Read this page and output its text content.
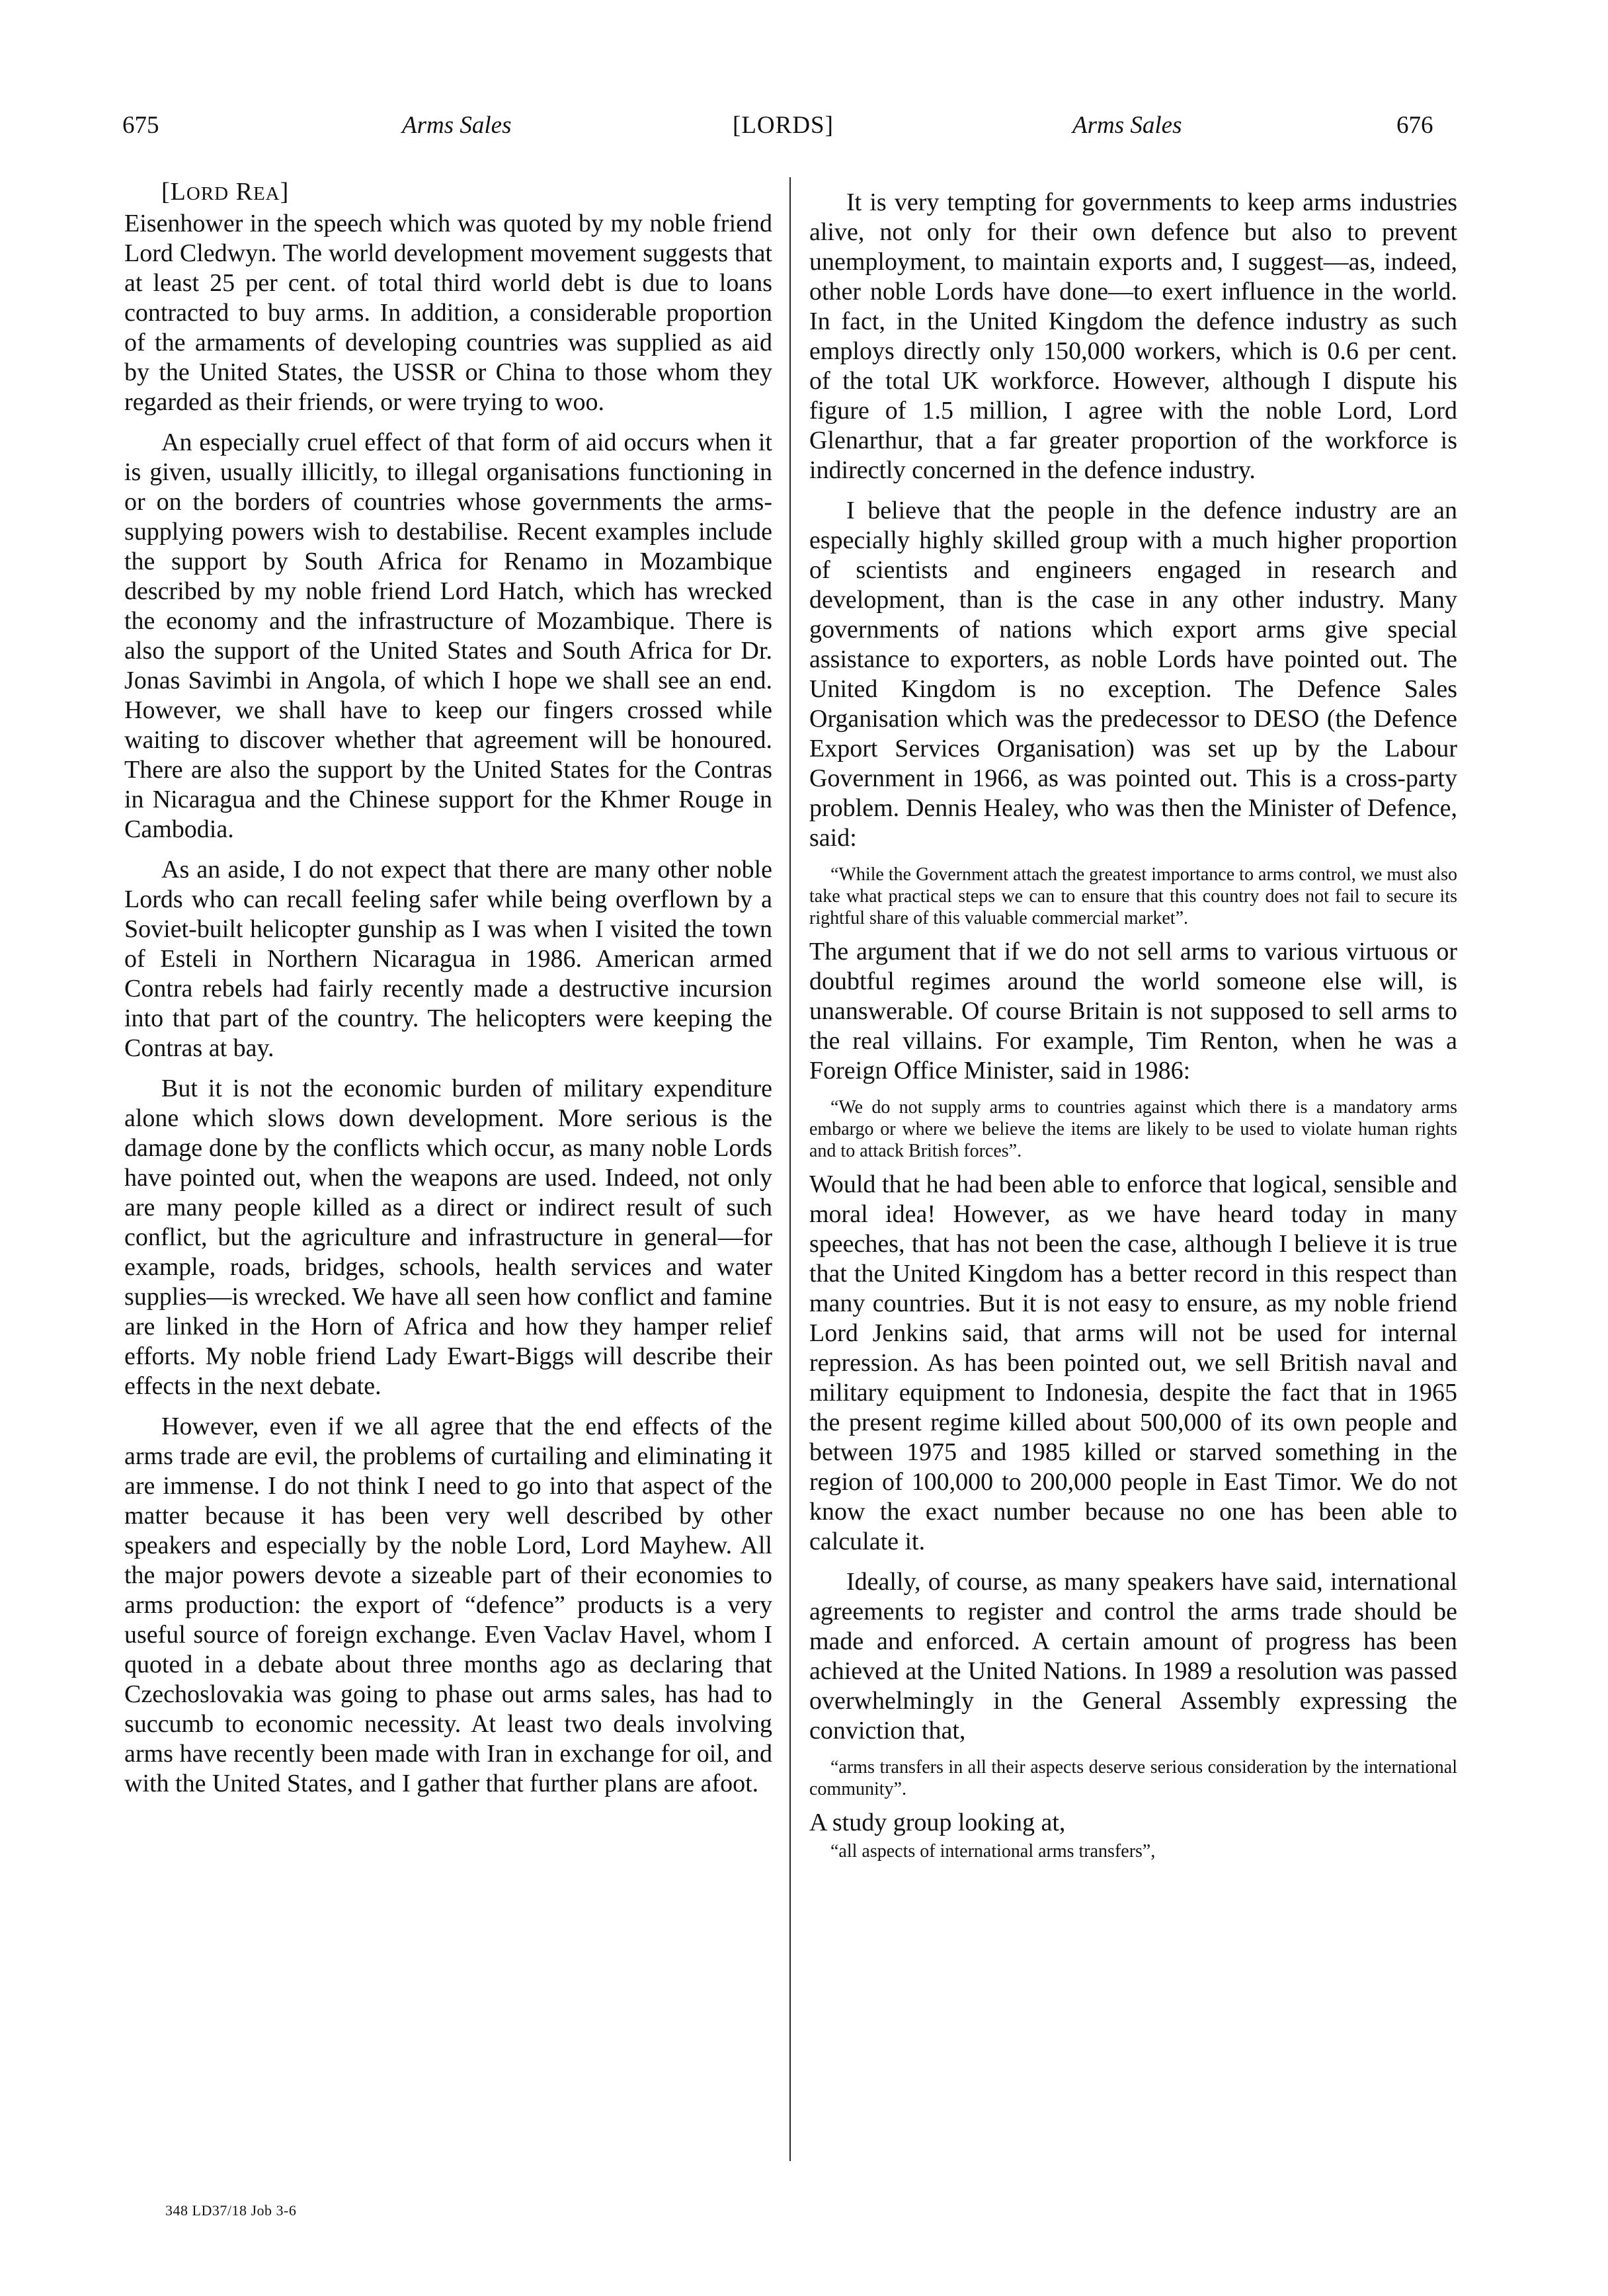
675	Arms Sales	[LORDS]	Arms Sales	676
[LORD REA]

Eisenhower in the speech which was quoted by my noble friend Lord Cledwyn. The world development movement suggests that at least 25 per cent. of total third world debt is due to loans contracted to buy arms. In addition, a considerable proportion of the armaments of developing countries was supplied as aid by the United States, the USSR or China to those whom they regarded as their friends, or were trying to woo.

An especially cruel effect of that form of aid occurs when it is given, usually illicitly, to illegal organisations functioning in or on the borders of countries whose governments the arms-supplying powers wish to destabilise. Recent examples include the support by South Africa for Renamo in Mozambique described by my noble friend Lord Hatch, which has wrecked the economy and the infrastructure of Mozambique. There is also the support of the United States and South Africa for Dr. Jonas Savimbi in Angola, of which I hope we shall see an end. However, we shall have to keep our fingers crossed while waiting to discover whether that agreement will be honoured. There are also the support by the United States for the Contras in Nicaragua and the Chinese support for the Khmer Rouge in Cambodia.

As an aside, I do not expect that there are many other noble Lords who can recall feeling safer while being overflown by a Soviet-built helicopter gunship as I was when I visited the town of Esteli in Northern Nicaragua in 1986. American armed Contra rebels had fairly recently made a destructive incursion into that part of the country. The helicopters were keeping the Contras at bay.

But it is not the economic burden of military expenditure alone which slows down development. More serious is the damage done by the conflicts which occur, as many noble Lords have pointed out, when the weapons are used. Indeed, not only are many people killed as a direct or indirect result of such conflict, but the agriculture and infrastructure in general—for example, roads, bridges, schools, health services and water supplies—is wrecked. We have all seen how conflict and famine are linked in the Horn of Africa and how they hamper relief efforts. My noble friend Lady Ewart-Biggs will describe their effects in the next debate.

However, even if we all agree that the end effects of the arms trade are evil, the problems of curtailing and eliminating it are immense. I do not think I need to go into that aspect of the matter because it has been very well described by other speakers and especially by the noble Lord, Lord Mayhew. All the major powers devote a sizeable part of their economies to arms production: the export of “defence” products is a very useful source of foreign exchange. Even Vaclav Havel, whom I quoted in a debate about three months ago as declaring that Czechoslovakia was going to phase out arms sales, has had to succumb to economic necessity. At least two deals involving arms have recently been made with Iran in exchange for oil, and with the United States, and I gather that further plans are afoot.

It is very tempting for governments to keep arms industries alive, not only for their own defence but also to prevent unemployment, to maintain exports and, I suggest—as, indeed, other noble Lords have done—to exert influence in the world. In fact, in the United Kingdom the defence industry as such employs directly only 150,000 workers, which is 0.6 per cent. of the total UK workforce. However, although I dispute his figure of 1.5 million, I agree with the noble Lord, Lord Glenarthur, that a far greater proportion of the workforce is indirectly concerned in the defence industry.

I believe that the people in the defence industry are an especially highly skilled group with a much higher proportion of scientists and engineers engaged in research and development, than is the case in any other industry. Many governments of nations which export arms give special assistance to exporters, as noble Lords have pointed out. The United Kingdom is no exception. The Defence Sales Organisation which was the predecessor to DESO (the Defence Export Services Organisation) was set up by the Labour Government in 1966, as was pointed out. This is a cross-party problem. Dennis Healey, who was then the Minister of Defence, said:

“While the Government attach the greatest importance to arms control, we must also take what practical steps we can to ensure that this country does not fail to secure its rightful share of this valuable commercial market”.

The argument that if we do not sell arms to various virtuous or doubtful regimes around the world someone else will, is unanswerable. Of course Britain is not supposed to sell arms to the real villains. For example, Tim Renton, when he was a Foreign Office Minister, said in 1986:

“We do not supply arms to countries against which there is a mandatory arms embargo or where we believe the items are likely to be used to violate human rights and to attack British forces”.

Would that he had been able to enforce that logical, sensible and moral idea! However, as we have heard today in many speeches, that has not been the case, although I believe it is true that the United Kingdom has a better record in this respect than many countries. But it is not easy to ensure, as my noble friend Lord Jenkins said, that arms will not be used for internal repression. As has been pointed out, we sell British naval and military equipment to Indonesia, despite the fact that in 1965 the present regime killed about 500,000 of its own people and between 1975 and 1985 killed or starved something in the region of 100,000 to 200,000 people in East Timor. We do not know the exact number because no one has been able to calculate it.

Ideally, of course, as many speakers have said, international agreements to register and control the arms trade should be made and enforced. A certain amount of progress has been achieved at the United Nations. In 1989 a resolution was passed overwhelmingly in the General Assembly expressing the conviction that,

“arms transfers in all their aspects deserve serious consideration by the international community”.

A study group looking at,

“all aspects of international arms transfers”,
348 LD37/18 Job 3-6
